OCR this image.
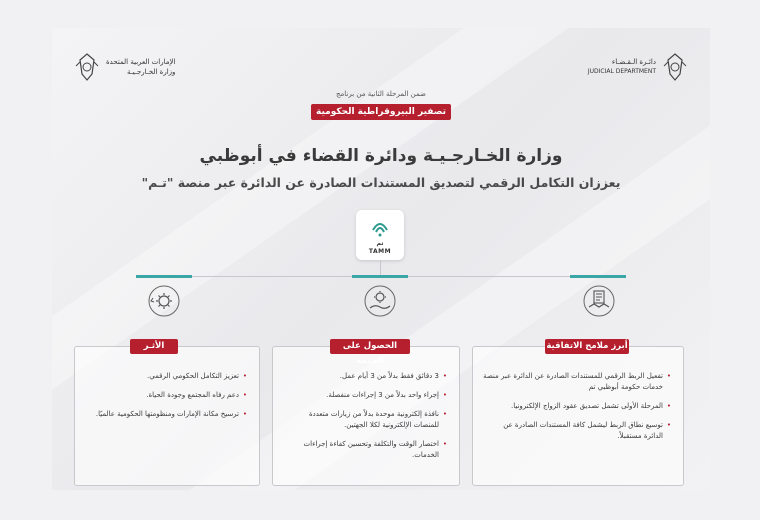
الإمارات العربية المتحدة
وزارة الخـارجـيـة
دائـرة الـقـضـاء
JUDICIAL DEPARTMENT
ضمن المرحلة الثانية من برنامج
تصفير البيروقراطية الحكومية
وزارة الخـارجـيـة ودائرة القضاء في أبوظبي
يعززان التكامل الرقمي لتصديق المستندات الصادرة عن الدائرة عبر منصة "تـم"
تم
TAMM
• تفعيل الربط الرقمي للمستندات الصادرة عن الدائرة عبر منصة خدمات حكومة أبوظبي تم
• المرحلة الأولى تشمل تصديق عقود الزواج الإلكترونيا.
• توسيع نطاق الربط ليشمل كافة المستندات الصادرة عن الدائرة مستقبلاً.
أبرز ملامح الاتفاقية
• 3 دقائق فقط بدلاً من 3 أيام عمل.
• إجراء واحد بدلاً من 3 إجراءات منفصلة.
• نافذة إلكترونية موحدة بدلاً من زيارات متعددة للمنصات الإلكترونية لكلا الجهتين.
• اختصار الوقت والتكلفة وتحسين كفاءة إجراءات الخدمات.
الحصول على الخدمة
• تعزيز التكامل الحكومي الرقمي.
• دعم رفاه المجتمع وجودة الحياة.
• ترسيخ مكانة الإمارات ومنظومتها الحكومية عالميًا.
الأثـر
